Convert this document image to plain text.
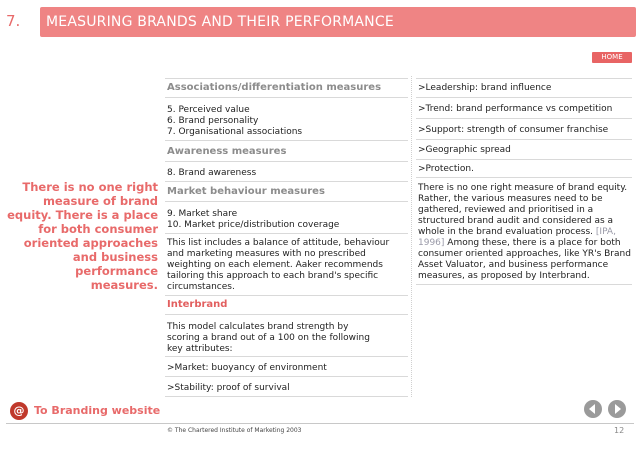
7. MEASURING BRANDS AND THEIR PERFORMANCE
HOME
There is no one right measure of brand equity. There is a place for both consumer oriented approaches and business performance measures.
Associations/differentiation measures
5. Perceived value
6. Brand personality
7. Organisational associations
Awareness measures
8. Brand awareness
Market behaviour measures
9. Market share
10. Market price/distribution coverage
This list includes a balance of attitude, behaviour and marketing measures with no prescribed weighting on each element. Aaker recommends tailoring this approach to each brand's specific circumstances.
Interbrand
This model calculates brand strength by scoring a brand out of a 100 on the following key attributes:
>Market: buoyancy of environment
>Stability: proof of survival
>Leadership: brand influence
>Trend: brand performance vs competition
>Support: strength of consumer franchise
>Geographic spread
>Protection.
There is no one right measure of brand equity. Rather, the various measures need to be gathered, reviewed and prioritised in a structured brand audit and considered as a whole in the brand evaluation process. [IPA, 1996] Among these, there is a place for both consumer oriented approaches, like YR's Brand Asset Valuator, and business performance measures, as proposed by Interbrand.
@ To Branding website
© The Chartered Institute of Marketing 2003	12
